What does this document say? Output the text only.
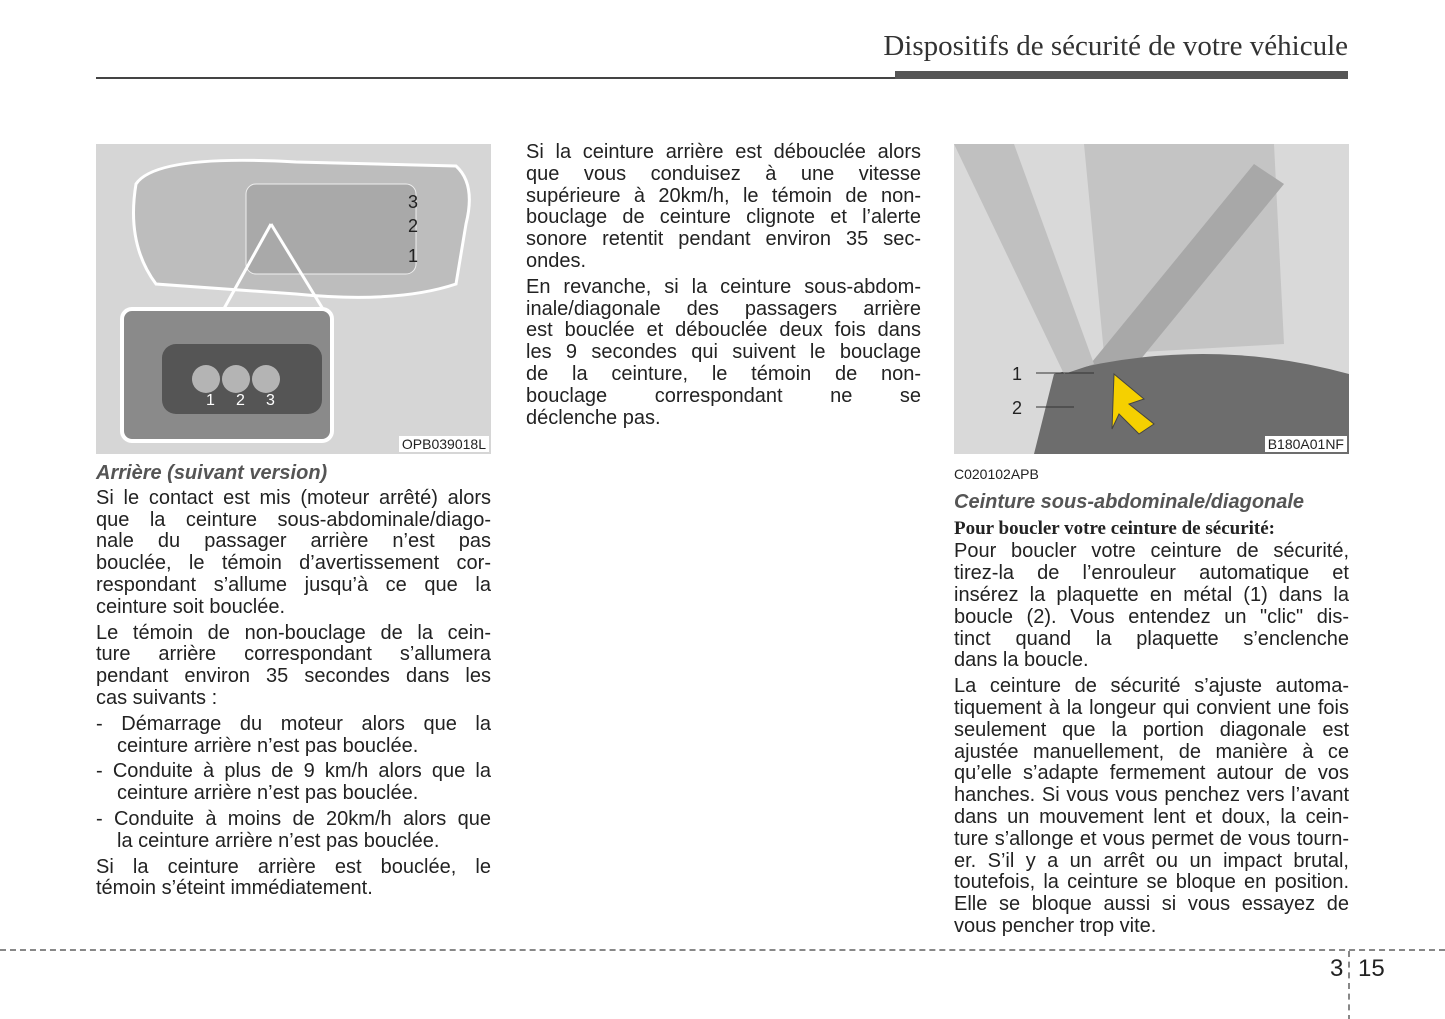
Dispositifs de sécurité de votre véhicule
3
2
1
1 2 3
OPB039018L
1
2
B180A01NF
Arrière (suivant version)

Si le contact est mis (moteur arrêté) alors
que la ceinture sous-abdominale/diago-
nale du passager arrière n’est pas
bouclée, le témoin d’avertissement cor-
respondant s’allume jusqu’à ce que la
ceinture soit bouclée.

Le témoin de non-bouclage de la cein-
ture arrière correspondant s’allumera
pendant environ 35 secondes dans les
cas suivants :

- Démarrage du moteur alors que la
ceinture arrière n’est pas bouclée.

- Conduite à plus de 9 km/h alors que la
ceinture arrière n’est pas bouclée.

- Conduite à moins de 20km/h alors que
la ceinture arrière n’est pas bouclée.

Si la ceinture arrière est bouclée, le
témoin s’éteint immédiatement.

Si la ceinture arrière est débouclée alors
que vous conduisez à une vitesse
supérieure à 20km/h, le témoin de non-
bouclage de ceinture clignote et l’alerte
sonore retentit pendant environ 35 sec-
ondes.

En revanche, si la ceinture sous-abdom-
inale/diagonale des passagers arrière
est bouclée et débouclée deux fois dans
les 9 secondes qui suivent le bouclage
de la ceinture, le témoin de non-
bouclage correspondant ne se
déclenche pas.

C020102APB
Ceinture sous-abdominale/diagonale
Pour boucler votre ceinture de sécurité:

Pour boucler votre ceinture de sécurité,
tirez-la de l’enrouleur automatique et
insérez la plaquette en métal (1) dans la
boucle (2). Vous entendez un "clic" dis-
tinct quand la plaquette s’enclenche
dans la boucle.

La ceinture de sécurité s’ajuste automa-
tiquement à la longeur qui convient une fois
seulement que la portion diagonale est
ajustée manuellement, de manière à ce
qu’elle s’adapte fermement autour de vos
hanches. Si vous vous penchez vers l’avant
dans un mouvement lent et doux, la cein-
ture s’allonge et vous permet de vous tourn-
er. S’il y a un arrêt ou un impact brutal,
toutefois, la ceinture se bloque en position.
Elle se bloque aussi si vous essayez de
vous pencher trop vite.

3 15
